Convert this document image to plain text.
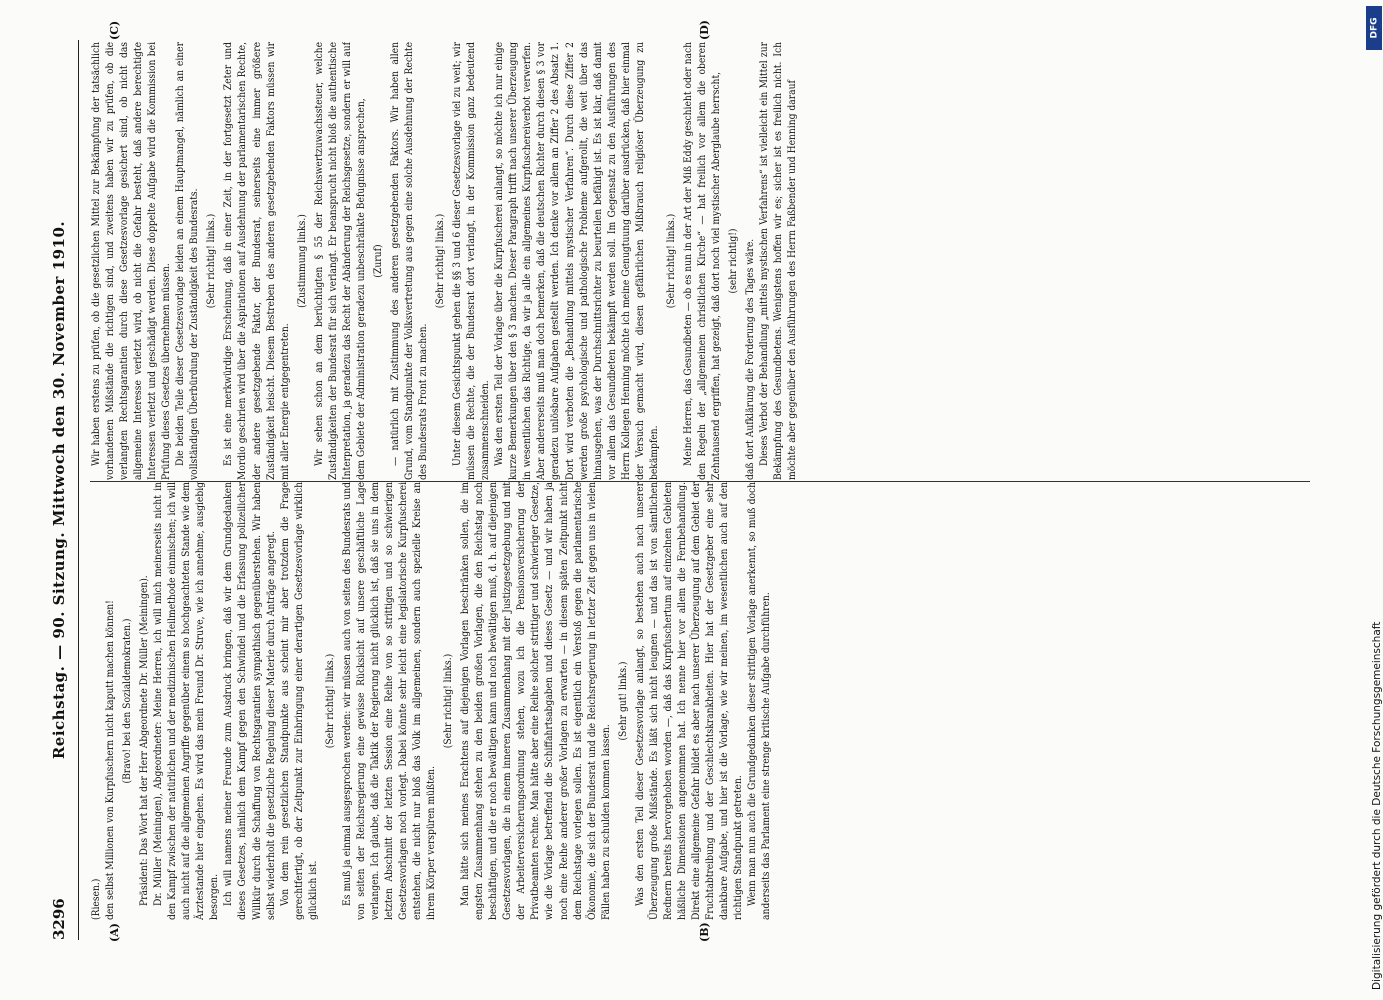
3296
Reichstag. — 90. Sitzung. Mittwoch den 30. November 1910.
(A)	(B)
(C)	(D)

(Riesen.) den selbst Millionen von Kurpfuschern nicht kaputt machen können! (Bravo! bei den Sozialdemokraten.) Präsident: Das Wort hat der Herr Abgeordnete Dr. Müller (Meiningen). Dr. Müller (Meiningen), Abgeordneter: Meine Herren, ich will mich meinerseits nicht in den Kampf zwischen der natürlichen und der medizinischen Heilmethode einmischen; ich will auch nicht auf die allgemeinen Angriffe gegenüber einem so hochgeachteten Stande wie dem Ärztestande hier eingehen. Es wird das mein Freund Dr. Struve, wie ich annehme, ausgiebig besorgen. Ich will namens meiner Freunde zum Ausdruck bringen, daß wir dem Grundgedanken dieses Gesetzes, nämlich dem Kampf gegen den Schwindel und die Erfassung polizeilicher Willkür durch die Schaffung von Rechtsgarantien sympathisch gegenüberstehen. Wir haben selbst wiederholt die gesetzliche Regelung dieser Materie durch Anträge angeregt. Von dem rein gesetzlichen Standpunkte aus scheint mir aber trotzdem die Frage gerechtfertigt, ob der Zeitpunkt zur Einbringung einer derartigen Gesetzesvorlage wirklich glücklich ist.

(Sehr richtig! links.) Es muß ja einmal ausgesprochen werden: wir müssen auch von seiten des Bundesrats und von seiten der Reichsregierung eine gewisse Rücksicht auf unsere geschäftliche Lage verlangen. Ich glaube, daß die Taktik der Regierung nicht glücklich ist, daß sie uns in dem letzten Abschnitt der letzten Session eine Reihe von so strittigen und so schwierigen Gesetzesvorlagen noch vorlegt. Dabei könnte sehr leicht eine legislatorische Kurpfuscherei entstehen, die nicht nur bloß das Volk im allgemeinen, sondern auch spezielle Kreise an ihrem Körper verspüren müßten.

(Sehr richtig! links.) Man hätte sich meines Erachtens auf diejenigen Vorlagen beschränken sollen, die im engsten Zusammenhang stehen zu den beiden großen Vorlagen, die den Reichstag noch beschäftigen, und die er noch bewältigen kann und noch bewältigen muß, d. h. auf diejenigen Gesetzesvorlagen, die in einem inneren Zusammenhang mit der Justizgesetzgebung und mit der Arbeiterversicherungsordnung stehen, wozu ich die Pensionsversicherung der Privatbeamten rechne. Man hätte aber eine Reihe solcher strittiger und schwieriger Gesetze, wie die Vorlage betreffend die Schiffahrtsabgaben und dieses Gesetz — und wir haben ja noch eine Reihe anderer großer Vorlagen zu erwarten — in diesem späten Zeitpunkt nicht dem Reichstage vorlegen sollen. Es ist eigentlich ein Verstoß gegen die parlamentarische Ökonomie, die sich der Bundesrat und die Reichsregierung in letzter Zeit gegen uns in vielen Fällen haben zu schulden kommen lassen.

(Sehr gut! links.) Was den ersten Teil dieser Gesetzesvorlage anlangt, so bestehen auch nach unserer Überzeugung große Mißstände. Es läßt sich nicht leugnen — und das ist von sämtlichen Rednern bereits hervorgehoben worden —, daß das Kurpfuschertum auf einzelnen Gebieten häßliche Dimensionen angenommen hat. Ich nenne hier vor allem die Fernbehandlung. Direkt eine allgemeine Gefahr bildet es aber nach unserer Überzeugung auf dem Gebiet der Fruchtabtreibung und der Geschlechtskrankheiten. Hier hat der Gesetzgeber eine sehr dankbare Aufgabe, und hier ist die Vorlage, wie wir meinen, im wesentlichen auch auf den richtigen Standpunkt getreten. Wenn man nun auch die Grundgedanken dieser strittigen Vorlage anerkennt, so muß doch anderseits das Parlament eine strenge kritische Aufgabe durchführen.

Wir haben erstens zu prüfen, ob die gesetzlichen Mittel zur Bekämpfung der tatsächlich vorhandenen Mißstände die richtigen sind, und zweitens haben wir zu prüfen, ob die verlangten Rechtsgarantien durch diese Gesetzesvorlage gesichert sind, ob nicht das allgemeine Interesse verletzt wird, ob nicht die Gefahr besteht, daß andere berechtigte Interessen verletzt und geschädigt werden. Diese doppelte Aufgabe wird die Kommission bei Prüfung dieses Gesetzes übernehmen müssen. Die beiden Teile dieser Gesetzesvorlage leiden an einem Hauptmangel, nämlich an einer vollständigen Überbürdung der Zuständigkeit des Bundesrats. (Sehr richtig! links.) Es ist eine merkwürdige Erscheinung, daß in einer Zeit, in der fortgesetzt Zeter und Mordio geschrien wird über die Aspirationen auf Ausdehnung der parlamentarischen Rechte, der andere gesetzgebende Faktor, der Bundesrat, seinerseits eine immer größere Zuständigkeit heischt. Diesem Bestreben des anderen gesetzgebenden Faktors müssen wir mit aller Energie entgegentreten.

(Zustimmung links.) Wir sehen schon an dem berüchtigten § 55 der Reichswertzuwachssteuer, welche Zuständigkeiten der Bundesrat für sich verlangt. Er beansprucht nicht bloß die authentische Interpretation, ja geradezu das Recht der Abänderung der Reichsgesetze, sondern er will auf dem Gebiete der Administration geradezu unbeschränkte Befugnisse ansprechen, (Zuruf) — natürlich mit Zustimmung des anderen gesetzgebenden Faktors. Wir haben allen Grund, vom Standpunkte der Volksvertretung aus gegen eine solche Ausdehnung der Rechte des Bundesrats Front zu machen.

(Sehr richtig! links.) Unter diesem Gesichtspunkt gehen die §§ 3 und 6 dieser Gesetzesvorlage viel zu weit; wir müssen die Rechte, die der Bundesrat dort verlangt, in der Kommission ganz bedeutend zusammenschneiden. Was den ersten Teil der Vorlage über die Kurpfuscherei anlangt, so möchte ich nur einige kurze Bemerkungen über den § 3 machen. Dieser Paragraph trifft nach unserer Überzeugung in wesentlichen das Richtige, da wir ja alle ein allgemeines Kurpfuschereiverbot verwerfen. Aber andererseits muß man doch bemerken, daß die deutschen Richter durch diesen § 3 vor geradezu unlösbare Aufgaben gestellt werden. Ich denke vor allem an Ziffer 2 des Absatz 1. Dort wird verboten die „Behandlung mittels mystischer Verfahren“. Durch diese Ziffer 2 werden große psychologische und pathologische Probleme aufgerollt, die weit über das hinausgehen, was der Durchschnittsrichter zu beurteilen befähigt ist. Es ist klar, daß damit vor allem das Gesundbeten bekämpft werden soll. Im Gegensatz zu den Ausführungen des Herrn Kollegen Henning möchte ich meine Genugtuung darüber ausdrücken, daß hier einmal der Versuch gemacht wird, diesen gefährlichen Mißbrauch religiöser Überzeugung zu bekämpfen.

(Sehr richtig! links.) Meine Herren, das Gesundbeten — ob es nun in der Art der Miß Eddy geschieht oder nach den Regeln der „allgemeinen christlichen Kirche“ — hat freilich vor allem die oberen Zehntausend ergriffen, hat gezeigt, daß dort noch viel mystischer Aberglaube herrscht, (sehr richtig!) daß dort Aufklärung die Forderung des Tages wäre. Dieses Verbot der Behandlung „mittels mystischen Verfahrens“ ist vielleicht ein Mittel zur Bekämpfung des Gesundbetens. Wenigstens hoffen wir es; sicher ist es freilich nicht. Ich möchte aber gegenüber den Ausführungen des Herrn Faßbender und Henning darauf

DFG
Digitalisierung gefördert durch die Deutsche Forschungsgemeinschaft
